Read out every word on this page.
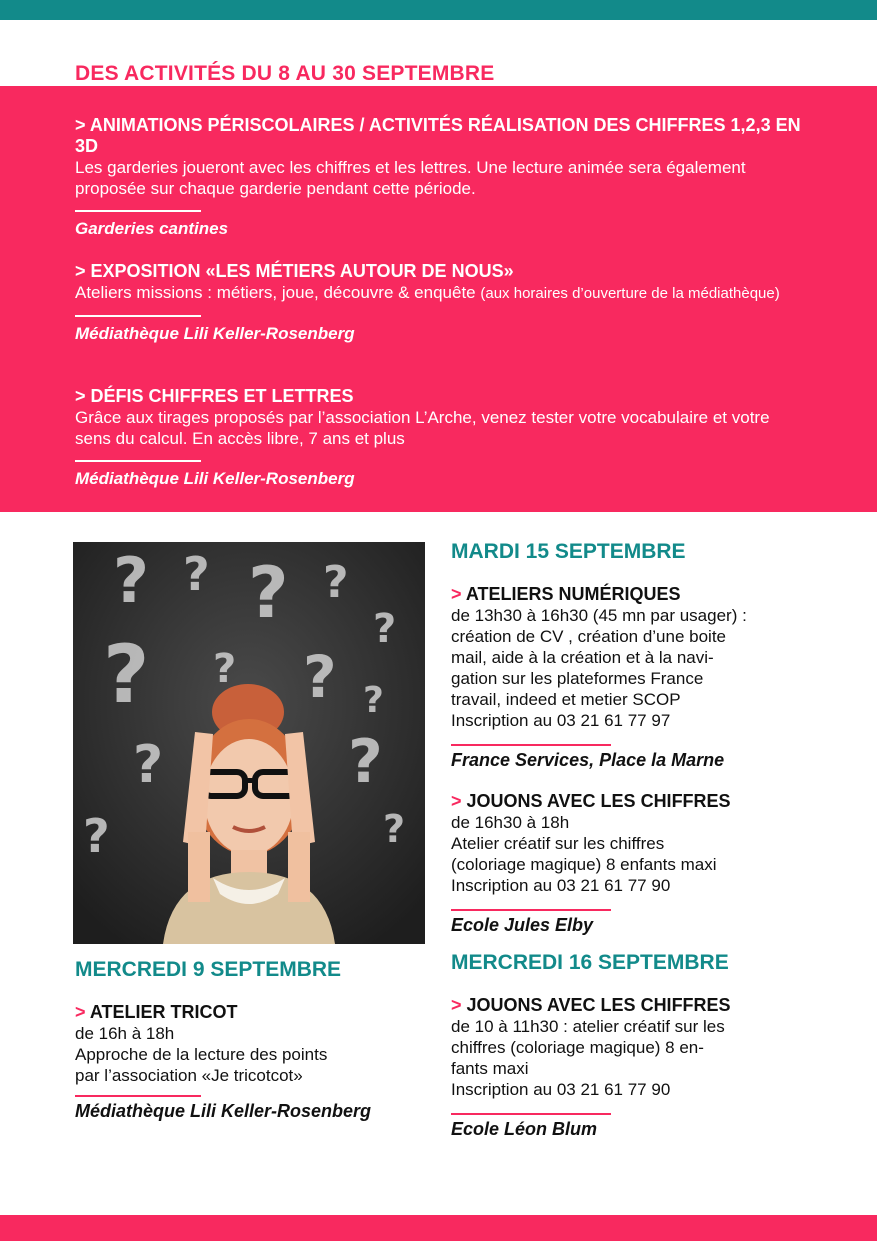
DES ACTIVITÉS DU 8 AU 30 SEPTEMBRE
> ANIMATIONS PÉRISCOLAIRES / ACTIVITÉS RÉALISATION DES CHIFFRES 1,2,3 EN 3D
Les garderies joueront avec les chiffres et les lettres. Une lecture animée sera également proposée sur chaque garderie pendant cette période.
Garderies cantines
> EXPOSITION «LES MÉTIERS AUTOUR DE NOUS»
Ateliers missions : métiers, joue, découvre & enquête (aux horaires d’ouverture de la médiathèque)
Médiathèque Lili Keller-Rosenberg
> DÉFIS CHIFFRES ET LETTRES
Grâce aux tirages proposés par l’association L’Arche, venez tester votre vocabulaire et votre sens du calcul. En accès libre, 7 ans et plus
Médiathèque Lili Keller-Rosenberg
? ? ? ?
?
?	? ?
?	?
?	?
?
MERCREDI 9 SEPTEMBRE
> ATELIER TRICOT
de 16h à 18h
Approche de la lecture des points
par l’association «Je tricotcot»
Médiathèque Lili Keller-Rosenberg
MARDI 15 SEPTEMBRE
> ATELIERS NUMÉRIQUES
de 13h30 à 16h30 (45 mn par usager) :
création de CV , création d’une boite
mail, aide à la création et à la navi-
gation sur les plateformes France
travail, indeed et metier SCOP
Inscription au 03 21 61 77 97
France Services, Place la Marne
> JOUONS AVEC LES CHIFFRES
de 16h30 à 18h
Atelier créatif sur les chiffres
(coloriage magique) 8 enfants maxi
Inscription au 03 21 61 77 90
Ecole Jules Elby
MERCREDI 16 SEPTEMBRE
> JOUONS AVEC LES CHIFFRES
de 10 à 11h30 : atelier créatif sur les
chiffres (coloriage magique) 8 en-
fants maxi
Inscription au 03 21 61 77 90
Ecole Léon Blum
